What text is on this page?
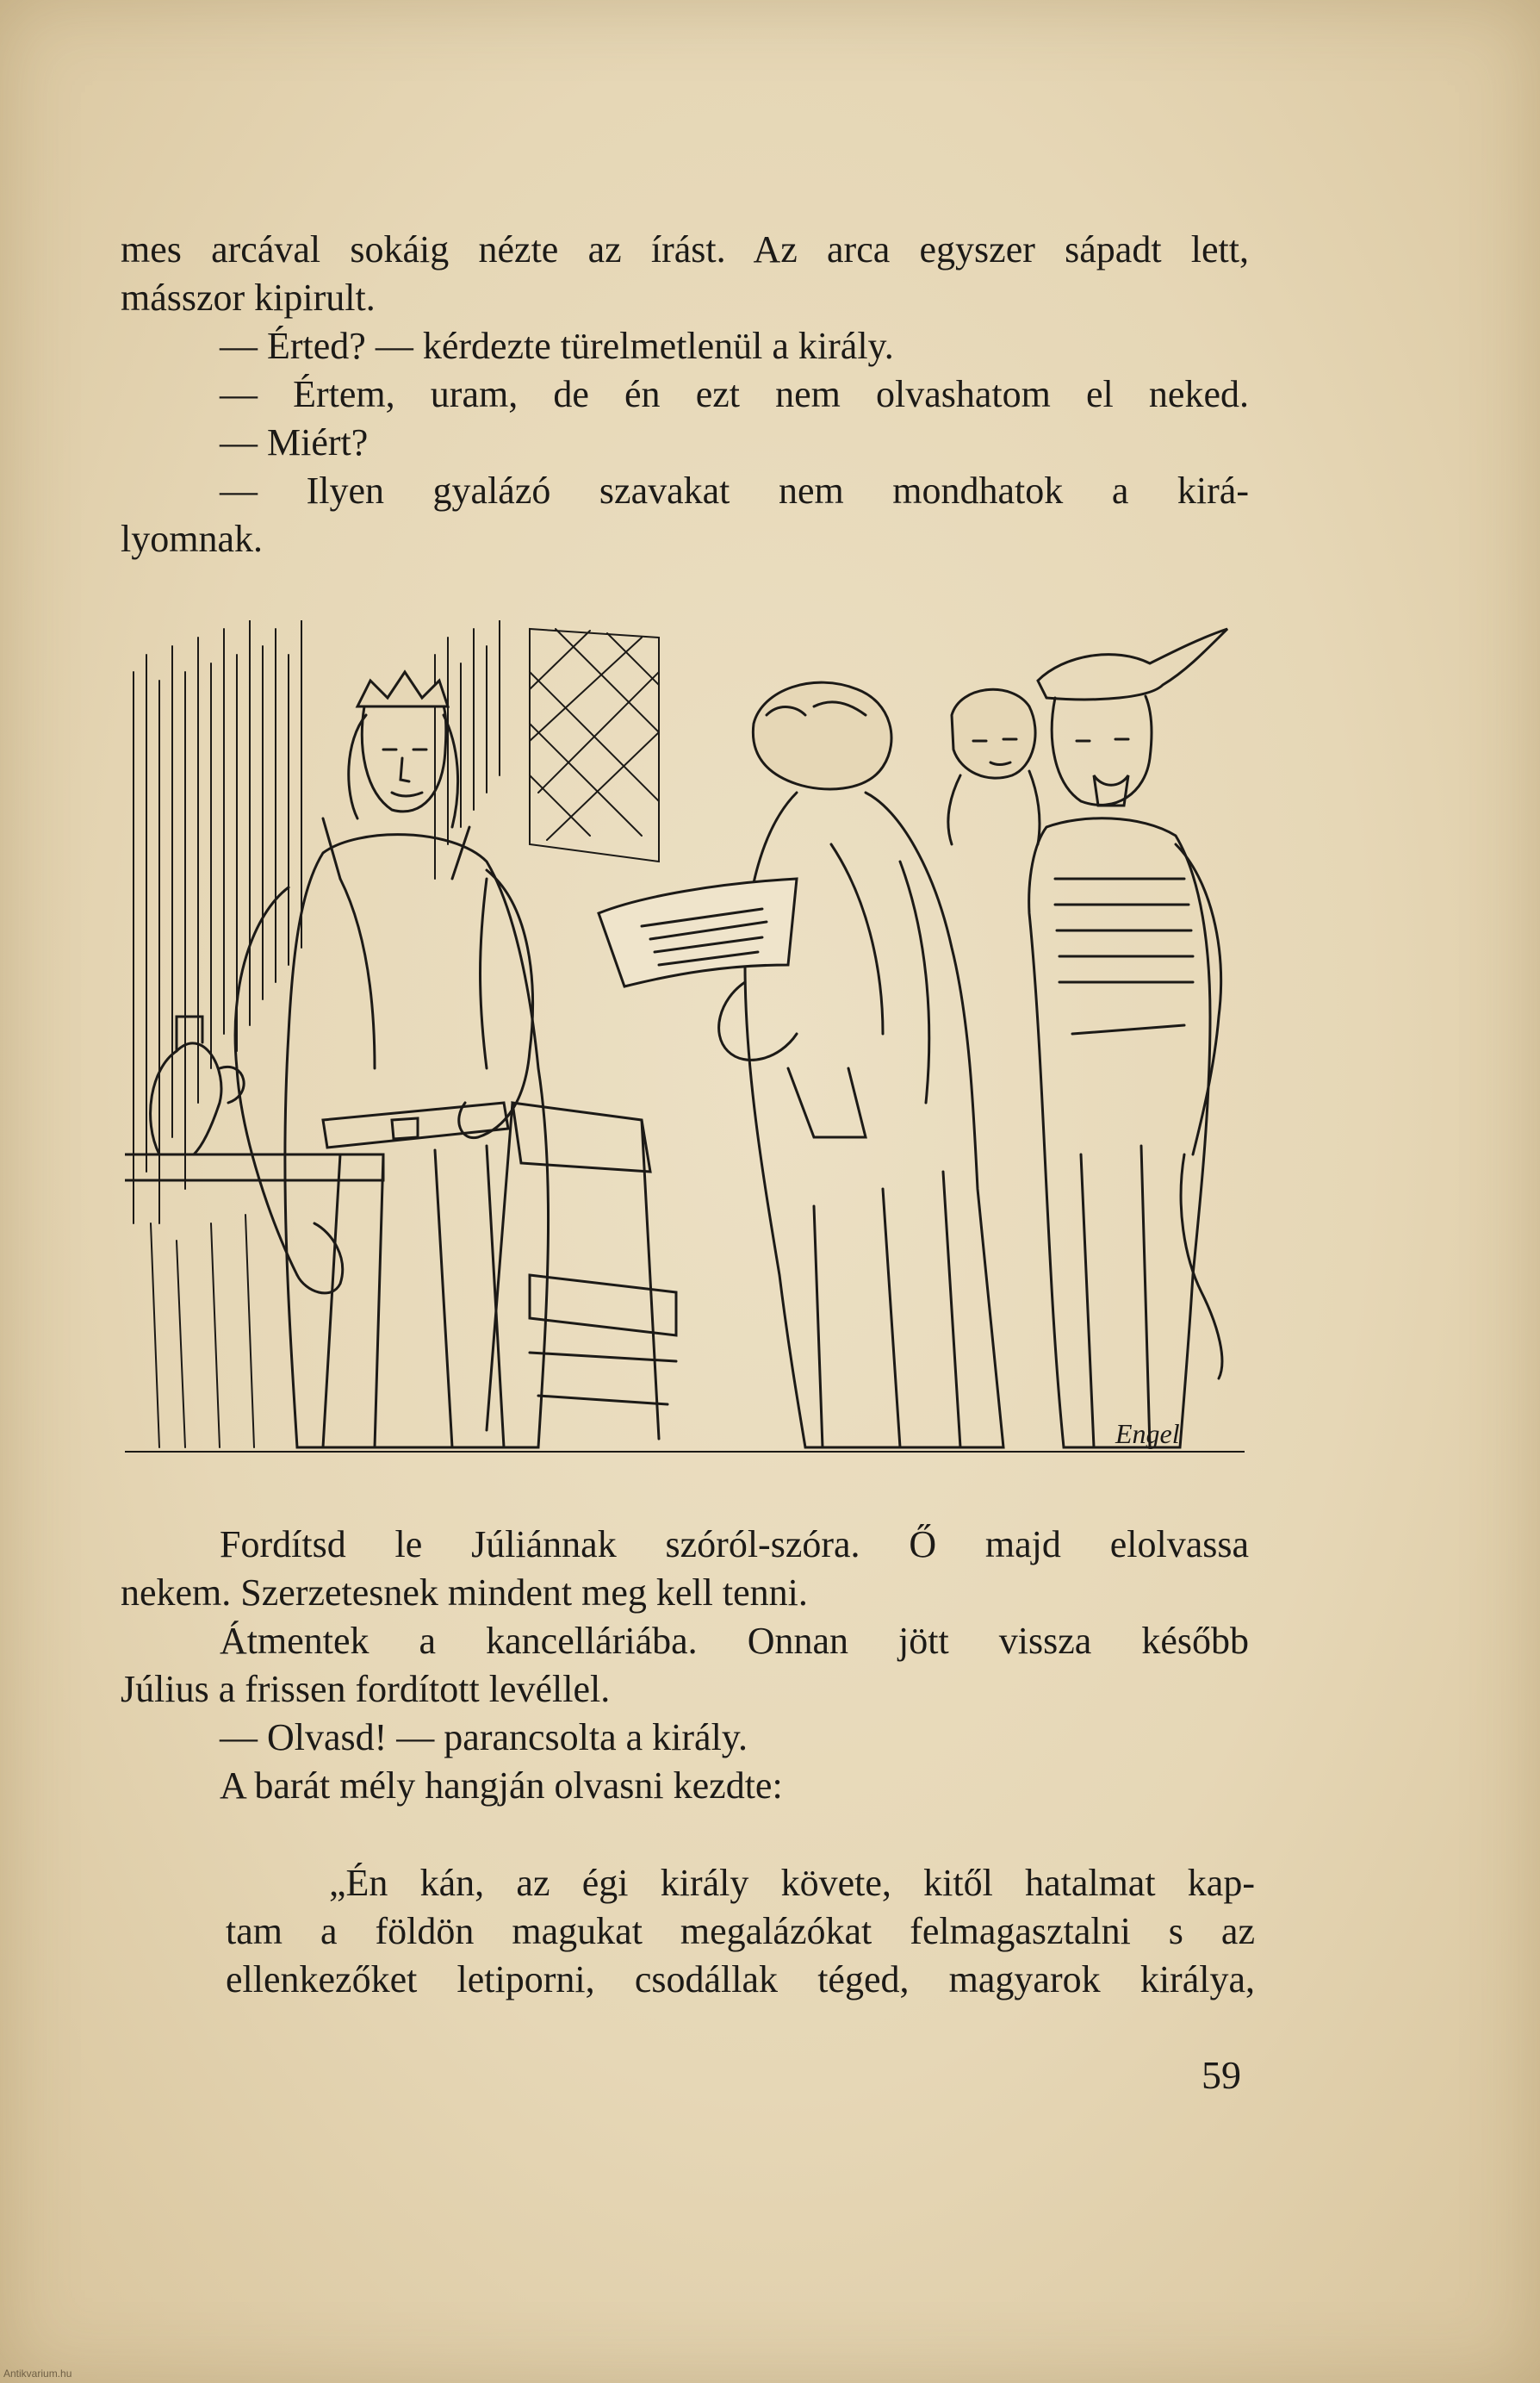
mes arcával sokáig nézte az írást. Az arca egyszer sápadt lett,

másszor kipirult.

— Érted? — kérdezte türelmetlenül a király.

— Értem, uram, de én ezt nem olvashatom el neked.

— Miért?

— Ilyen gyalázó szavakat nem mondhatok a kirá-

lyomnak.

Engel

Fordítsd le Júliánnak szóról-szóra. Ő majd elolvassa

nekem. Szerzetesnek mindent meg kell tenni.

Átmentek a kancelláriába. Onnan jött vissza később

Július a frissen fordított levéllel.

— Olvasd! — parancsolta a király.

A barát mély hangján olvasni kezdte:

„Én kán, az égi király követe, kitől hatalmat kap-

tam a földön magukat megalázókat felmagasztalni s az

ellenkezőket letiporni, csodállak téged, magyarok királya,

59
Antikvarium.hu
